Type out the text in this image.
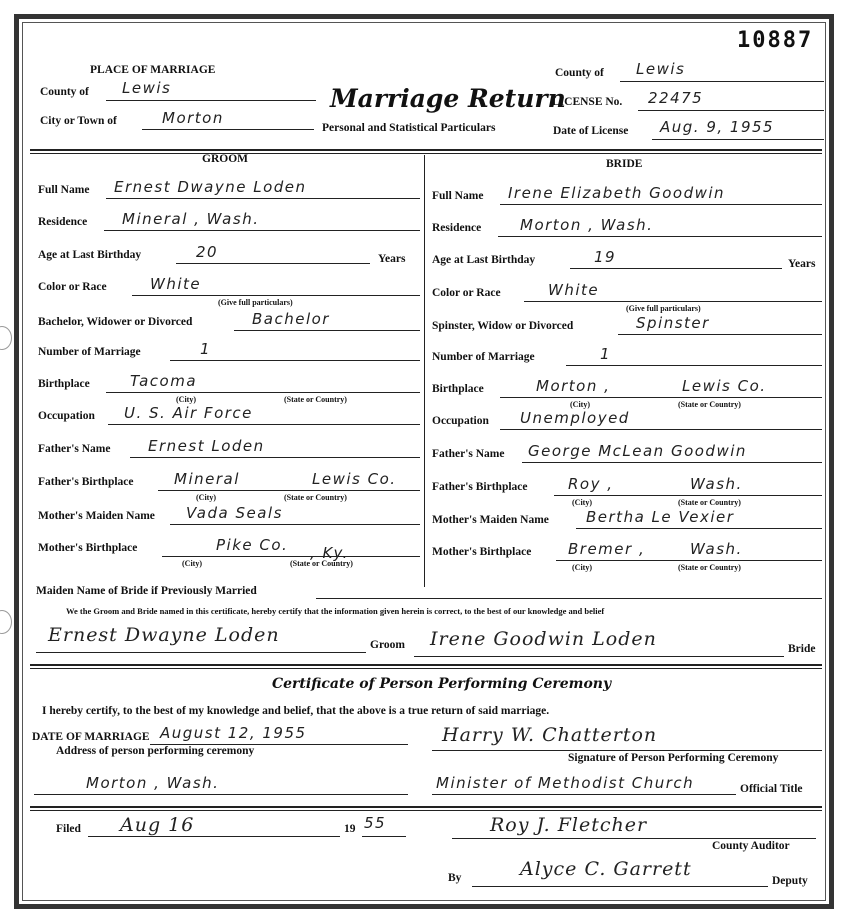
10887
PLACE OF MARRIAGE
County of Lewis
City or Town of	Morton
Marriage Return
Personal and Statistical Particulars
County of Lewis
LICENSE No. 22475
Date of License Aug. 9, 1955
GROOM
Full Name Ernest Dwayne Loden
Residence Mineral , Wash.
Age at Last Birthday	20	Years
Color or Race	White
(Give full particulars)
Bachelor, Widower or Divorced	Bachelor
Number of Marriage	1
Birthplace	Tacoma
(City)	(State or Country)
Occupation U. S. Air Force
Father's Name	Ernest Loden
Father's Birthplace	Mineral	Lewis Co.
(City)	(State or Country)
Mother's Maiden Name Vada Seals
Mother's Birthplace	Pike Co. , Ky.
(City)	(State or Country)
BRIDE
Full Name Irene Elizabeth Goodwin
Residence	Morton , Wash.
Age at Last Birthday	19	Years
Color or Race	White
(Give full particulars)
Spinster, Widow or Divorced	Spinster
Number of Marriage	1
Birthplace	Morton ,	Lewis Co.
(City)	(State or Country)
Occupation Unemployed
Father's Name George McLean Goodwin
Father's Birthplace	Roy ,	Wash.
(City)	(State or Country)
Mother's Maiden Name Bertha Le Vexier
Mother's Birthplace Bremer ,	Wash.
(City)	(State or Country)
Maiden Name of Bride if Previously Married
We the Groom and Bride named in this certificate, hereby certify that the information given herein is correct, to the best of our knowledge and belief
Ernest Dwayne Loden	Groom Irene Goodwin Loden	Bride
Certificate of Person Performing Ceremony
I hereby certify, to the best of my knowledge and belief, that the above is a true return of said marriage.
DATE OF MARRIAGE August 12, 1955
Address of person performing ceremony
Harry W. Chatterton
Signature of Person Performing Ceremony
Morton , Wash.	Minister of Methodist Church	Official Title
Filed Aug 16	19 55	Roy J. Fletcher
County Auditor
By	Alyce C. Garrett
Deputy
